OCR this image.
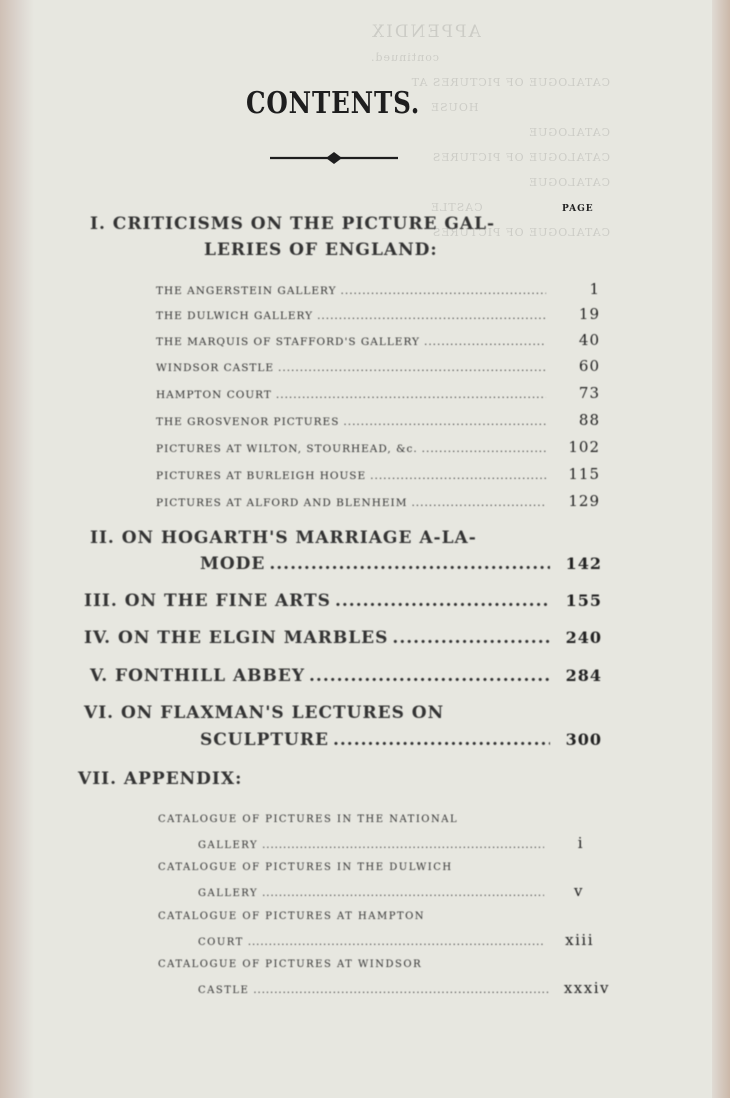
APPENDIX
continued.
CATALOGUE OF PICTURES AT
HOUSE
CATALOGUE
CATALOGUE OF PICTURES
CATALOGUE
CASTLE
CATALOGUE OF PICTURES
CONTENTS.
PAGE
I. CRITICISMS ON THE PICTURE GAL-
LERIES OF ENGLAND:
THE ANGERSTEIN GALLERY .....	1
THE DULWICH GALLERY .....	19
THE MARQUIS OF STAFFORD'S GALLERY .....	40
WINDSOR CASTLE .....	60
HAMPTON COURT .....	73
THE GROSVENOR PICTURES .....	88
PICTURES AT WILTON, STOURHEAD, &c. .....	102
PICTURES AT BURLEIGH HOUSE .....	115
PICTURES AT ALFORD AND BLENHEIM .....	129
II. ON HOGARTH'S MARRIAGE A-LA-
MODE .....	142
III. ON THE FINE ARTS .....	155
IV. ON THE ELGIN MARBLES .....	240
V. FONTHILL ABBEY .....	284
VI. ON FLAXMAN'S LECTURES ON
SCULPTURE .....	300
VII. APPENDIX:
CATALOGUE OF PICTURES IN THE NATIONAL
GALLERY .....	i
CATALOGUE OF PICTURES IN THE DULWICH
GALLERY .....	v
CATALOGUE OF PICTURES AT HAMPTON
COURT .....	xiii
CATALOGUE OF PICTURES AT WINDSOR
CASTLE .....	xxxiv
